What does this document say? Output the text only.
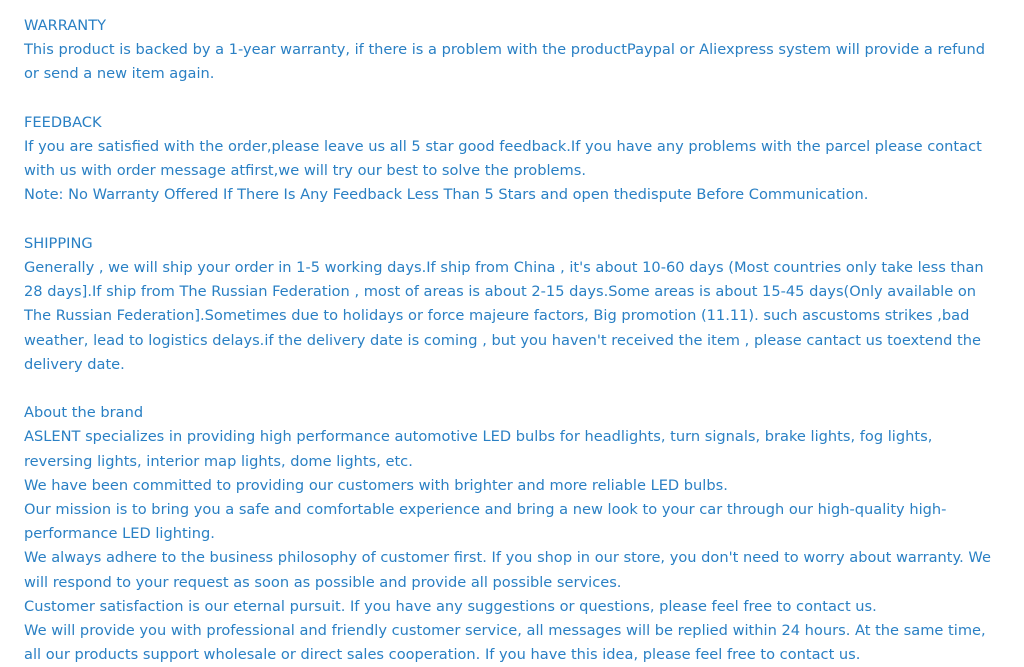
WARRANTY
This product is backed by a 1-year warranty, if there is a problem with the productPaypal or Aliexpress system will provide a refund or send a new item again.
FEEDBACK
If you are satisfied with the order,please leave us all 5 star good feedback.If you have any problems with the parcel please contact with us with order message atfirst,we will try our best to solve the problems.
Note: No Warranty Offered If There Is Any Feedback Less Than 5 Stars and open thedispute Before Communication.
SHIPPING
Generally , we will ship your order in 1-5 working days.If ship from China , it's about 10-60 days (Most countries only take less than 28 days].If ship from The Russian Federation , most of areas is about 2-15 days.Some areas is about 15-45 days(Only available on The Russian Federation].Sometimes due to holidays or force majeure factors, Big promotion (11.11). such ascustoms strikes ,bad weather, lead to logistics delays.if the delivery date is coming , but you haven't received the item , please cantact us toextend the delivery date.
About the brand
ASLENT specializes in providing high performance automotive LED bulbs for headlights, turn signals, brake lights, fog lights, reversing lights, interior map lights, dome lights, etc.
We have been committed to providing our customers with brighter and more reliable LED bulbs.
Our mission is to bring you a safe and comfortable experience and bring a new look to your car through our high-quality high-performance LED lighting.
We always adhere to the business philosophy of customer first. If you shop in our store, you don't need to worry about warranty. We will respond to your request as soon as possible and provide all possible services.
Customer satisfaction is our eternal pursuit. If you have any suggestions or questions, please feel free to contact us.
We will provide you with professional and friendly customer service, all messages will be replied within 24 hours. At the same time, all our products support wholesale or direct sales cooperation. If you have this idea, please feel free to contact us.
